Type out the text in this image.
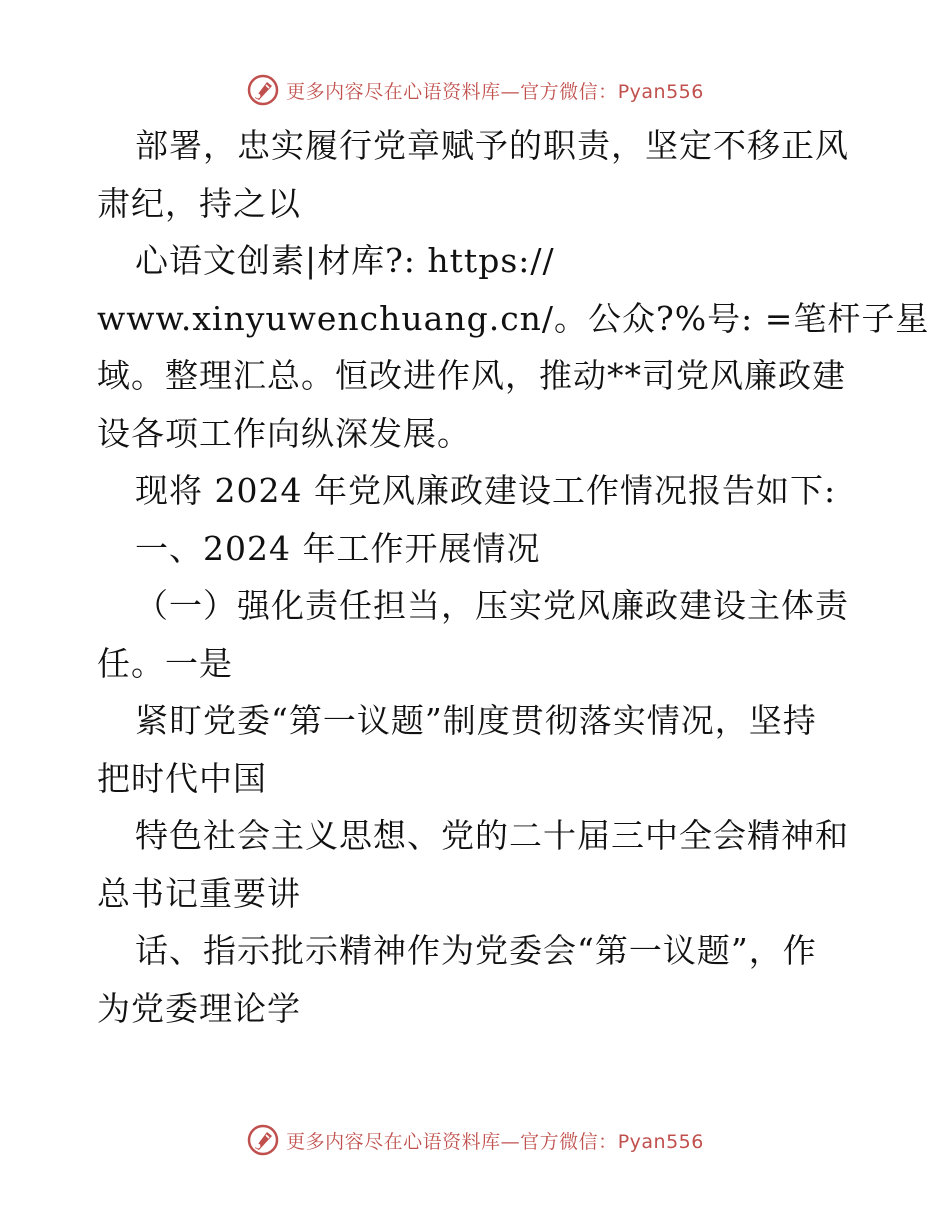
更多内容尽在心语资料库—官方微信：Pyan556
部署，忠实履行党章赋予的职责，坚定不移正风
肃纪，持之以
心语文创素|材库?: https://
www.xinyuwenchuang.cn/。公众?%号: =笔杆子星
域。整理汇总。恒改进作风，推动**司党风廉政建
设各项工作向纵深发展。
现将 2024 年党风廉政建设工作情况报告如下:
一、2024 年工作开展情况
（一）强化责任担当，压实党风廉政建设主体责
任。一是
紧盯党委“第一议题”制度贯彻落实情况，坚持
把时代中国
特色社会主义思想、党的二十届三中全会精神和
总书记重要讲
话、指示批示精神作为党委会“第一议题”，作
为党委理论学
更多内容尽在心语资料库—官方微信：Pyan556
